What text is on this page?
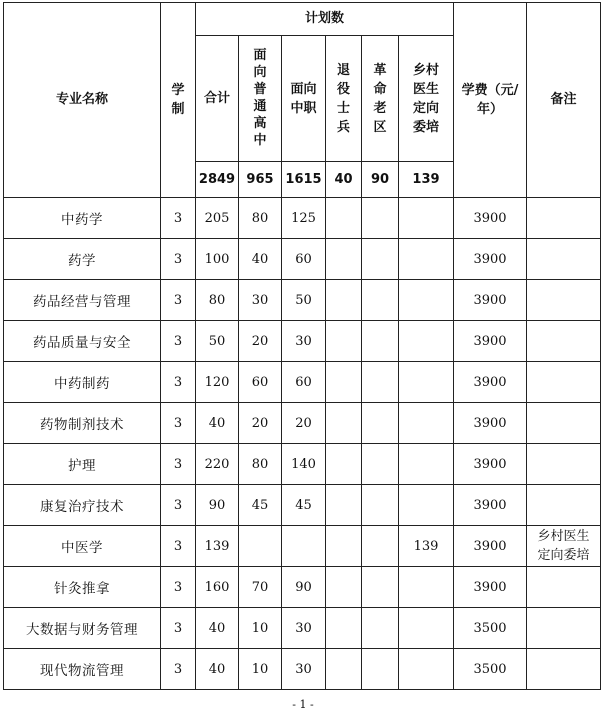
专业名称	学制	计划数						学费（元/年）	备注
		合计	面向普通高中	面向中职	退役士兵	革命老区	乡村医生定向委培		
		2849	965	1615	40	90	139		
中药学	3	205	80	125				3900	
药学	3	100	40	60				3900	
药品经营与管理	3	80	30	50				3900	
药品质量与安全	3	50	20	30				3900	
中药制药	3	120	60	60				3900	
药物制剂技术	3	40	20	20				3900	
护理	3	220	80	140				3900	
康复治疗技术	3	90	45	45				3900	
中医学	3	139					139	3900	乡村医生定向委培
针灸推拿	3	160	70	90				3900	
大数据与财务管理	3	40	10	30				3500	
现代物流管理	3	40	10	30				3500	
- 1 -
